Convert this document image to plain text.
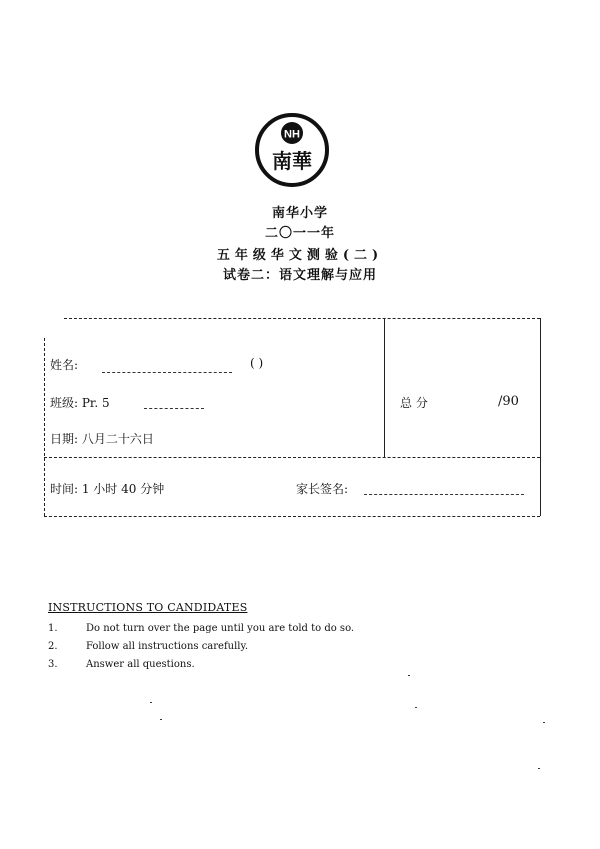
NH
南華
南华小学
二〇一一年
五年级华文测验(二)
试卷二：语文理解与应用
姓名:	( )
班级: Pr. 5
日期: 八月二十六日
总 分	/90
时间: 1 小时 40 分钟	家长签名:
INSTRUCTIONS TO CANDIDATES
1.	Do not turn over the page until you are told to do so.
2.	Follow all instructions carefully.
3.	Answer all questions.
